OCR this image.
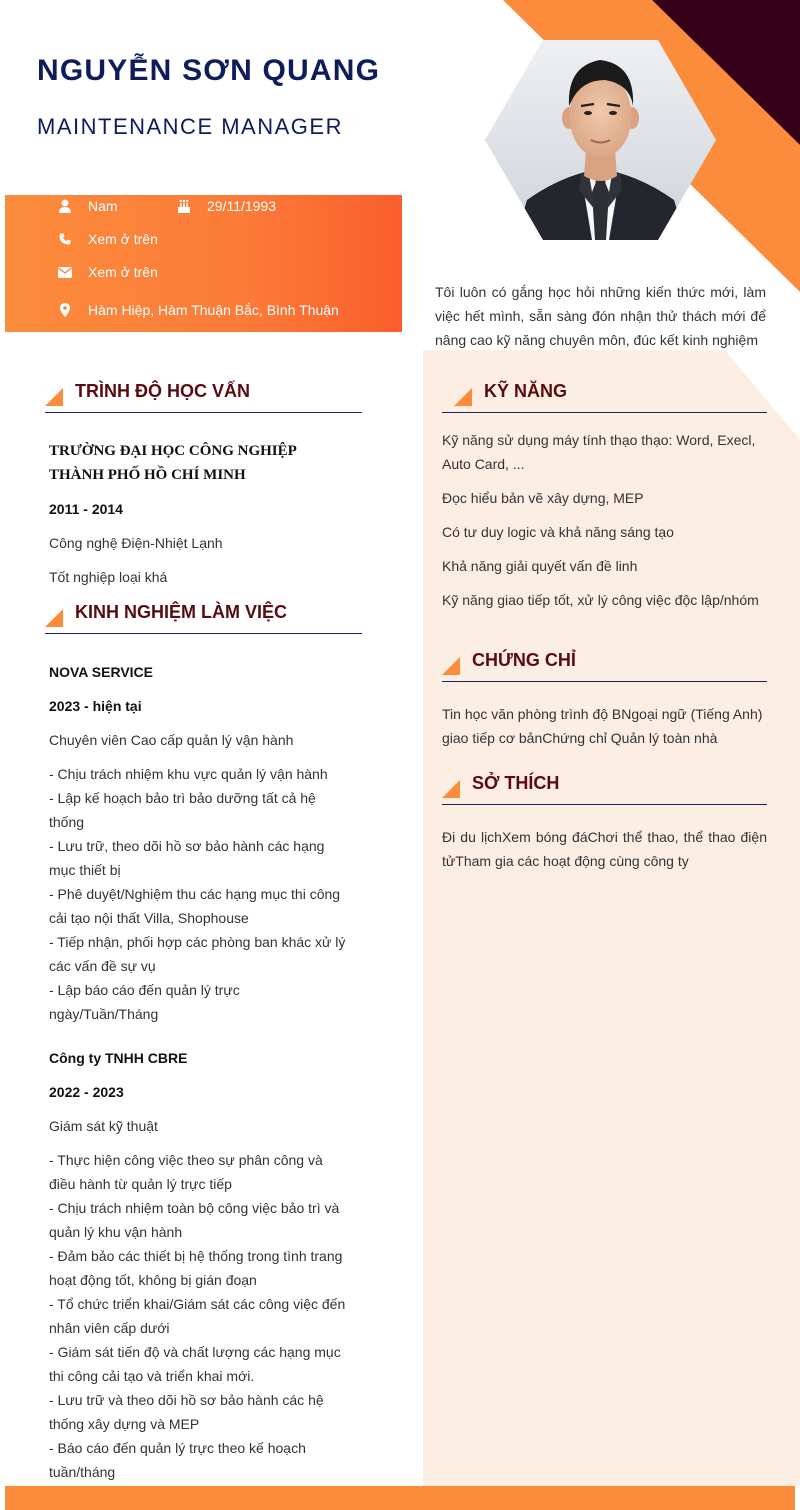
NGUYỄN SƠN QUANG
MAINTENANCE MANAGER
Nam	29/11/1993
Xem ở trên
Xem ở trên
Hàm Hiệp, Hàm Thuận Bắc, Bình Thuận
Tôi luôn có gắng học hỏi những kiến thức mới, làm việc hết mình, sẵn sàng đón nhận thử thách mới để nâng cao kỹ năng chuyên môn, đúc kết kinh nghiệm
TRÌNH ĐỘ HỌC VẤN
TRƯỜNG ĐẠI HỌC CÔNG NGHIỆP
THÀNH PHỐ HỒ CHÍ MINH
2011 - 2014
Công nghệ Điện-Nhiệt Lạnh
Tốt nghiệp loại khá
KINH NGHIỆM LÀM VIỆC
NOVA SERVICE
2023 - hiện tại
Chuyên viên Cao cấp quản lý vận hành
- Chịu trách nhiệm khu vực quản lý vận hành
- Lập kế hoạch bảo trì bảo dưỡng tất cả hệ thống
- Lưu trữ, theo dõi hồ sơ bảo hành các hạng mục thiết bị
- Phê duyệt/Nghiệm thu các hạng mục thi công cải tạo nội thất Villa, Shophouse
- Tiếp nhận, phối hợp các phòng ban khác xử lý các vấn đề sự vụ
- Lập báo cáo đến quản lý trực ngày/Tuần/Tháng
Công ty TNHH CBRE
2022 - 2023
Giám sát kỹ thuật
- Thực hiện công việc theo sự phân công và điều hành từ quản lý trực tiếp
- Chịu trách nhiệm toàn bộ công việc bảo trì và quản lý khu vận hành
- Đảm bảo các thiết bị hệ thống trong tình trang hoạt động tốt, không bị gián đoạn
- Tổ chức triển khai/Giám sát các công việc đến nhân viên cấp dưới
- Giám sát tiến độ và chất lượng các hạng mục thi công cải tạo và triển khai mới.
- Lưu trữ và theo dõi hồ sơ bảo hành các hệ thống xây dựng và MEP
- Báo cáo đến quản lý trực theo kế hoạch tuần/tháng
KỸ NĂNG
Kỹ năng sử dụng máy tính thạo thạo: Word, Execl, Auto Card, ...
Đọc hiểu bản vẽ xây dựng, MEP
Có tư duy logic và khả năng sáng tạo
Khả năng giải quyết vấn đề linh
Kỹ năng giao tiếp tốt, xử lý công việc độc lập/nhóm
CHỨNG CHỈ
Tin học văn phòng trình độ BNgoại ngữ (Tiếng Anh) giao tiếp cơ bảnChứng chỉ Quản lý toàn nhà
SỞ THÍCH
Đi du lịchXem bóng đáChơi thể thao, thể thao điện tửTham gia các hoạt động cùng công ty
